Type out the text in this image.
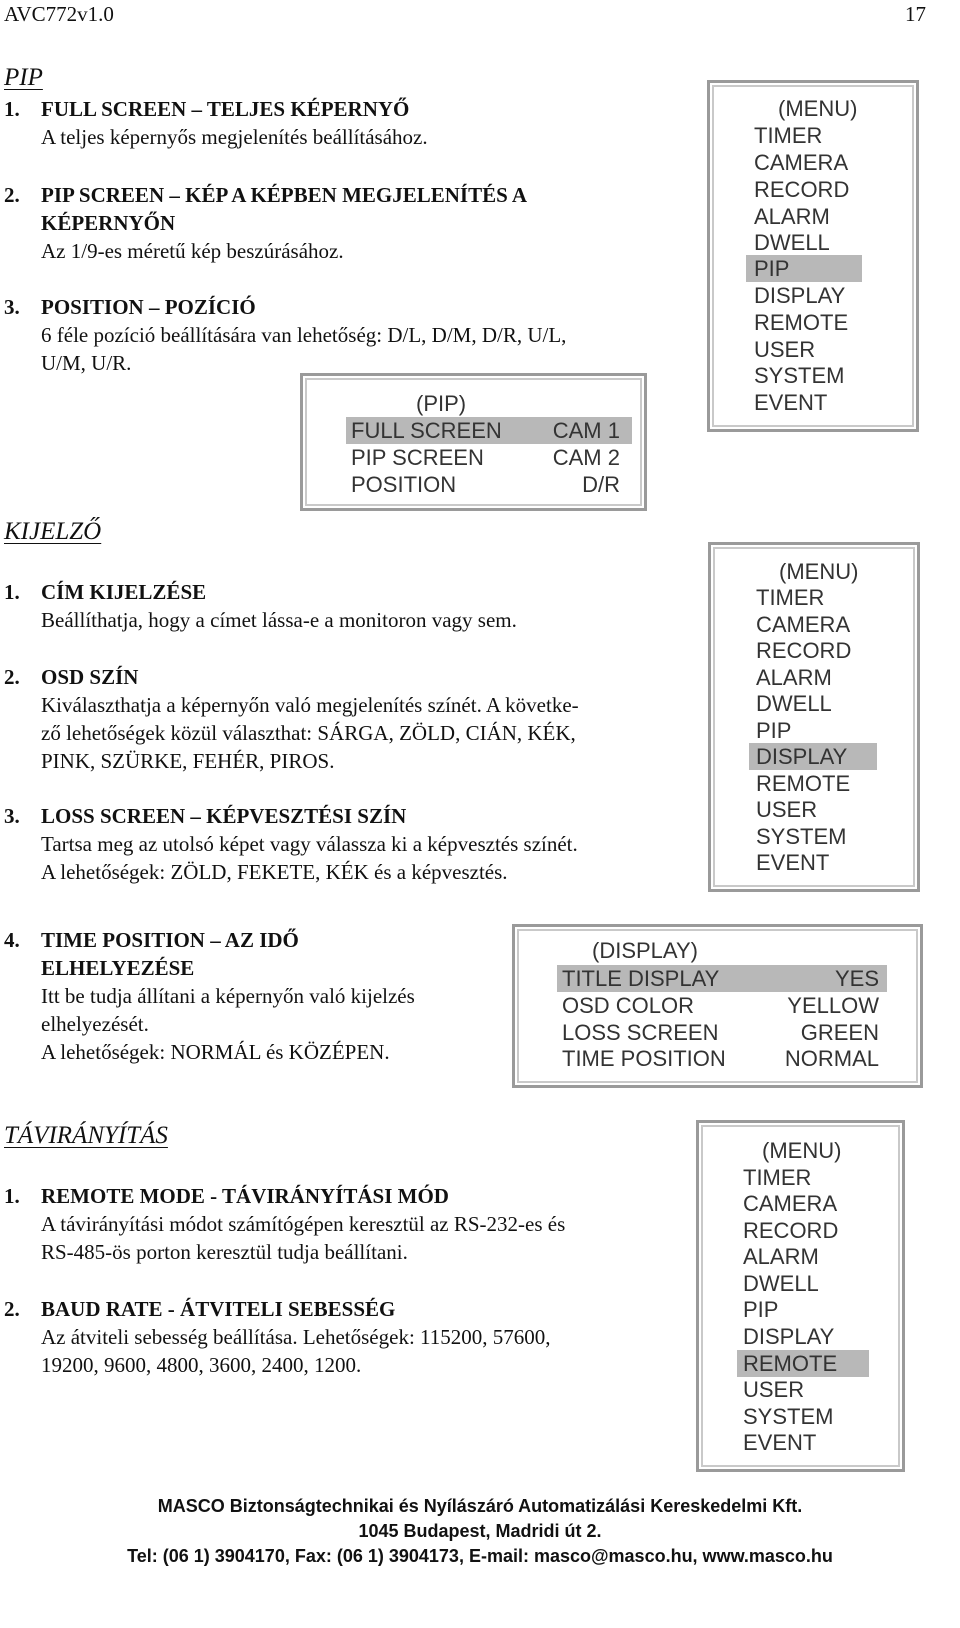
AVC772v1.0	17
PIP
1. FULL SCREEN – TELJES KÉPERNYŐ
A teljes képernyős megjelenítés beállításához.
2. PIP SCREEN – KÉP A KÉPBEN MEGJELENÍTÉS A
KÉPERNYŐN
Az 1/9-es méretű kép beszúrásához.
3. POSITION – POZÍCIÓ
6 féle pozíció beállítására van lehetőség: D/L, D/M, D/R, U/L,
U/M, U/R.
(MENU)
TIMER
CAMERA
RECORD
ALARM
DWELL
PIP
DISPLAY
REMOTE
USER
SYSTEM
EVENT
(PIP)
FULL SCREEN CAM 1
PIP SCREEN	CAM 2
POSITION	D/R
KIJELZŐ
1. CÍM KIJELZÉSE
Beállíthatja, hogy a címet lássa-e a monitoron vagy sem.
2. OSD SZÍN
Kiválaszthatja a képernyőn való megjelenítés színét. A követke-
ző lehetőségek közül választhat: SÁRGA, ZÖLD, CIÁN, KÉK,
PINK, SZÜRKE, FEHÉR, PIROS.
3. LOSS SCREEN – KÉPVESZTÉSI SZÍN
Tartsa meg az utolsó képet vagy válassza ki a képvesztés színét.
A lehetőségek: ZÖLD, FEKETE, KÉK és a képvesztés.
4. TIME POSITION – AZ IDŐ
ELHELYEZÉSE
Itt be tudja állítani a képernyőn való kijelzés
elhelyezését.
A lehetőségek: NORMÁL és KÖZÉPEN.
(MENU)
TIMER
CAMERA
RECORD
ALARM
DWELL
PIP
DISPLAY
REMOTE
USER
SYSTEM
EVENT
(DISPLAY)
TITLE DISPLAY	YES
OSD COLOR	YELLOW
LOSS SCREEN	GREEN
TIME POSITION	NORMAL
TÁVIRÁNYÍTÁS
1. REMOTE MODE - TÁVIRÁNYÍTÁSI MÓD
A távirányítási módot számítógépen keresztül az RS-232-es és
RS-485-ös porton keresztül tudja beállítani.
2. BAUD RATE - ÁTVITELI SEBESSÉG
Az átviteli sebesség beállítása. Lehetőségek: 115200, 57600,
19200, 9600, 4800, 3600, 2400, 1200.
(MENU)
TIMER
CAMERA
RECORD
ALARM
DWELL
PIP
DISPLAY
REMOTE
USER
SYSTEM
EVENT
MASCO Biztonságtechnikai és Nyílászáró Automatizálási Kereskedelmi Kft.
1045 Budapest, Madridi út 2.
Tel: (06 1) 3904170, Fax: (06 1) 3904173, E-mail: masco@masco.hu, www.masco.hu
